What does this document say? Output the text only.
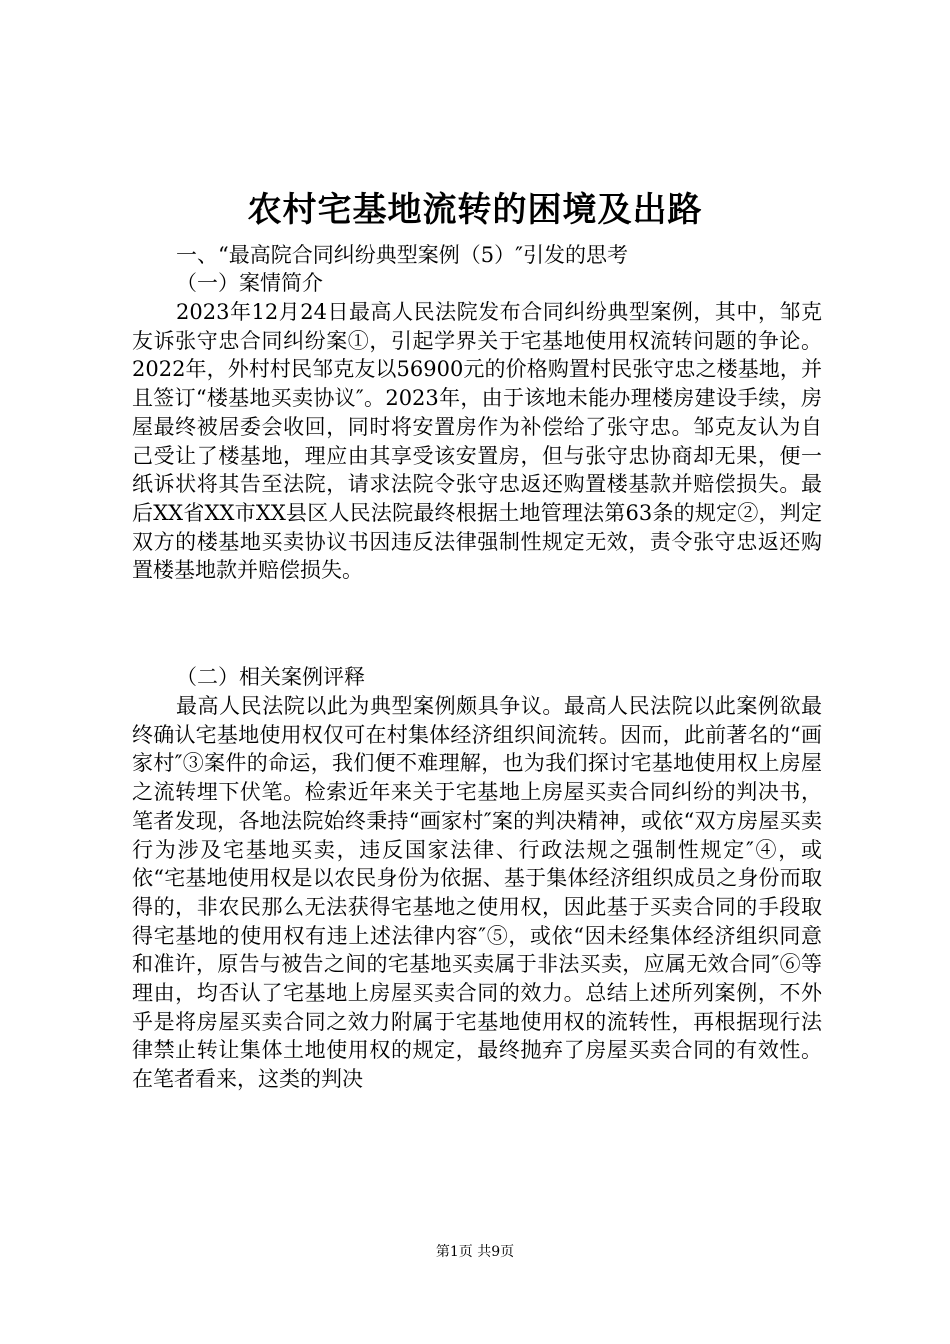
农村宅基地流转的困境及出路

一、“最高院合同纠纷典型案例（5）″引发的思考

（一）案情简介

2023年12月24日最高人民法院发布合同纠纷典型案例，其中，邹克友诉张守忠合同纠纷案①，引起学界关于宅基地使用权流转问题的争论。2022年，外村村民邹克友以56900元的价格购置村民张守忠之楼基地，并且签订“楼基地买卖协议″。2023年，由于该地未能办理楼房建设手续，房屋最终被居委会收回，同时将安置房作为补偿给了张守忠。邹克友认为自己受让了楼基地，理应由其享受该安置房，但与张守忠协商却无果，便一纸诉状将其告至法院，请求法院令张守忠返还购置楼基款并赔偿损失。最后XX省XX市XX县区人民法院最终根据土地管理法第63条的规定②，判定双方的楼基地买卖协议书因违反法律强制性规定无效，责令张守忠返还购置楼基地款并赔偿损失。

（二）相关案例评释

最高人民法院以此为典型案例颇具争议。最高人民法院以此案例欲最终确认宅基地使用权仅可在村集体经济组织间流转。因而，此前著名的“画家村″③案件的命运，我们便不难理解，也为我们探讨宅基地使用权上房屋之流转埋下伏笔。检索近年来关于宅基地上房屋买卖合同纠纷的判决书，笔者发现，各地法院始终秉持“画家村″案的判决精神，或依“双方房屋买卖行为涉及宅基地买卖，违反国家法律、行政法规之强制性规定″④，或依“宅基地使用权是以农民身份为依据、基于集体经济组织成员之身份而取得的，非农民那么无法获得宅基地之使用权，因此基于买卖合同的手段取得宅基地的使用权有违上述法律内容″⑤，或依“因未经集体经济组织同意和准许，原告与被告之间的宅基地买卖属于非法买卖，应属无效合同″⑥等理由，均否认了宅基地上房屋买卖合同的效力。总结上述所列案例，不外乎是将房屋买卖合同之效力附属于宅基地使用权的流转性，再根据现行法律禁止转让集体土地使用权的规定，最终抛弃了房屋买卖合同的有效性。在笔者看来，这类的判决

第1页 共9页
